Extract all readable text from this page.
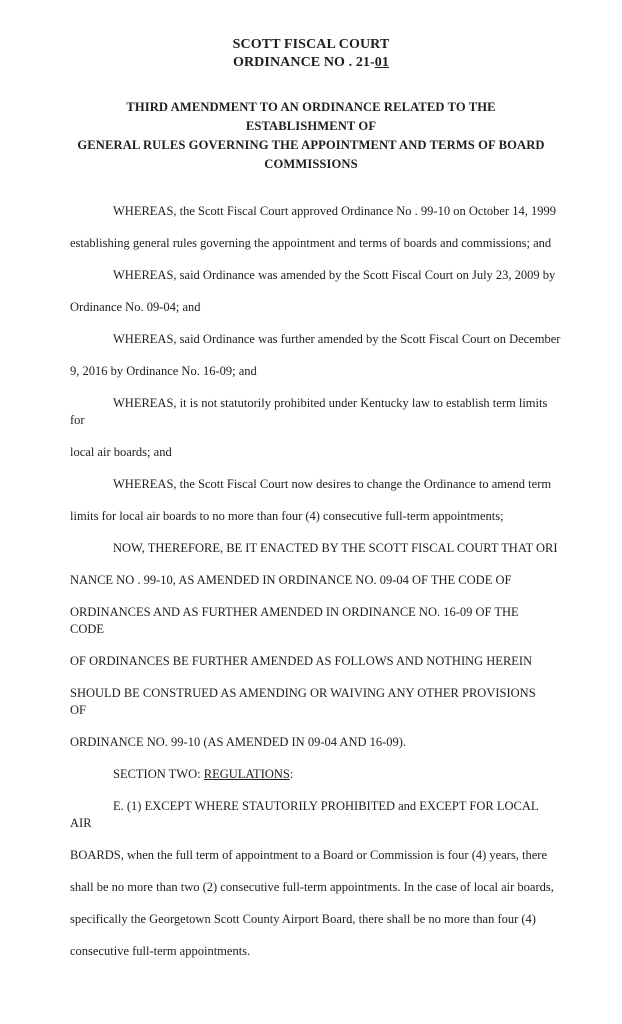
SCOTT FISCAL COURT
ORDINANCE NO . 21-01
THIRD AMENDMENT TO AN ORDINANCE RELATED TO THE ESTABLISHMENT OF
GENERAL RULES GOVERNING THE APPOINTMENT AND TERMS OF BOARD
COMMISSIONS
WHEREAS, the Scott Fiscal Court approved Ordinance No . 99-10 on October 14, 1999
establishing general rules governing the appointment and terms of boards and commissions; and
WHEREAS, said Ordinance was amended by the Scott Fiscal Court on July 23, 2009 by
Ordinance No. 09-04; and
WHEREAS, said Ordinance was further amended by the Scott Fiscal Court on December
9, 2016 by Ordinance No. 16-09; and
WHEREAS, it is not statutorily prohibited under Kentucky law to establish term limits
for
local air boards; and
WHEREAS, the Scott Fiscal Court now desires to change the Ordinance to amend term
limits for local air boards to no more than four (4) consecutive full-term appointments;
NOW, THEREFORE, BE IT ENACTED BY THE SCOTT FISCAL COURT THAT ORI
NANCE NO . 99-10, AS AMENDED IN ORDINANCE NO. 09-04 OF THE CODE OF
ORDINANCES AND AS FURTHER AMENDED IN ORDINANCE NO. 16-09 OF THE
CODE
OF ORDINANCES BE FURTHER AMENDED AS FOLLOWS AND NOTHING HEREIN
SHOULD BE CONSTRUED AS AMENDING OR WAIVING ANY OTHER PROVISIONS
OF
ORDINANCE NO. 99-10 (AS AMENDED IN 09-04 AND 16-09).
SECTION TWO: REGULATIONS:
E. (1) EXCEPT WHERE STAUTORILY PROHIBITED and EXCEPT FOR LOCAL
AIR
BOARDS, when the full term of appointment to a Board or Commission is four (4) years, there
shall be no more than two (2) consecutive full-term appointments. In the case of local air boards,
specifically the Georgetown Scott County Airport Board, there shall be no more than four (4)
consecutive full-term appointments.
